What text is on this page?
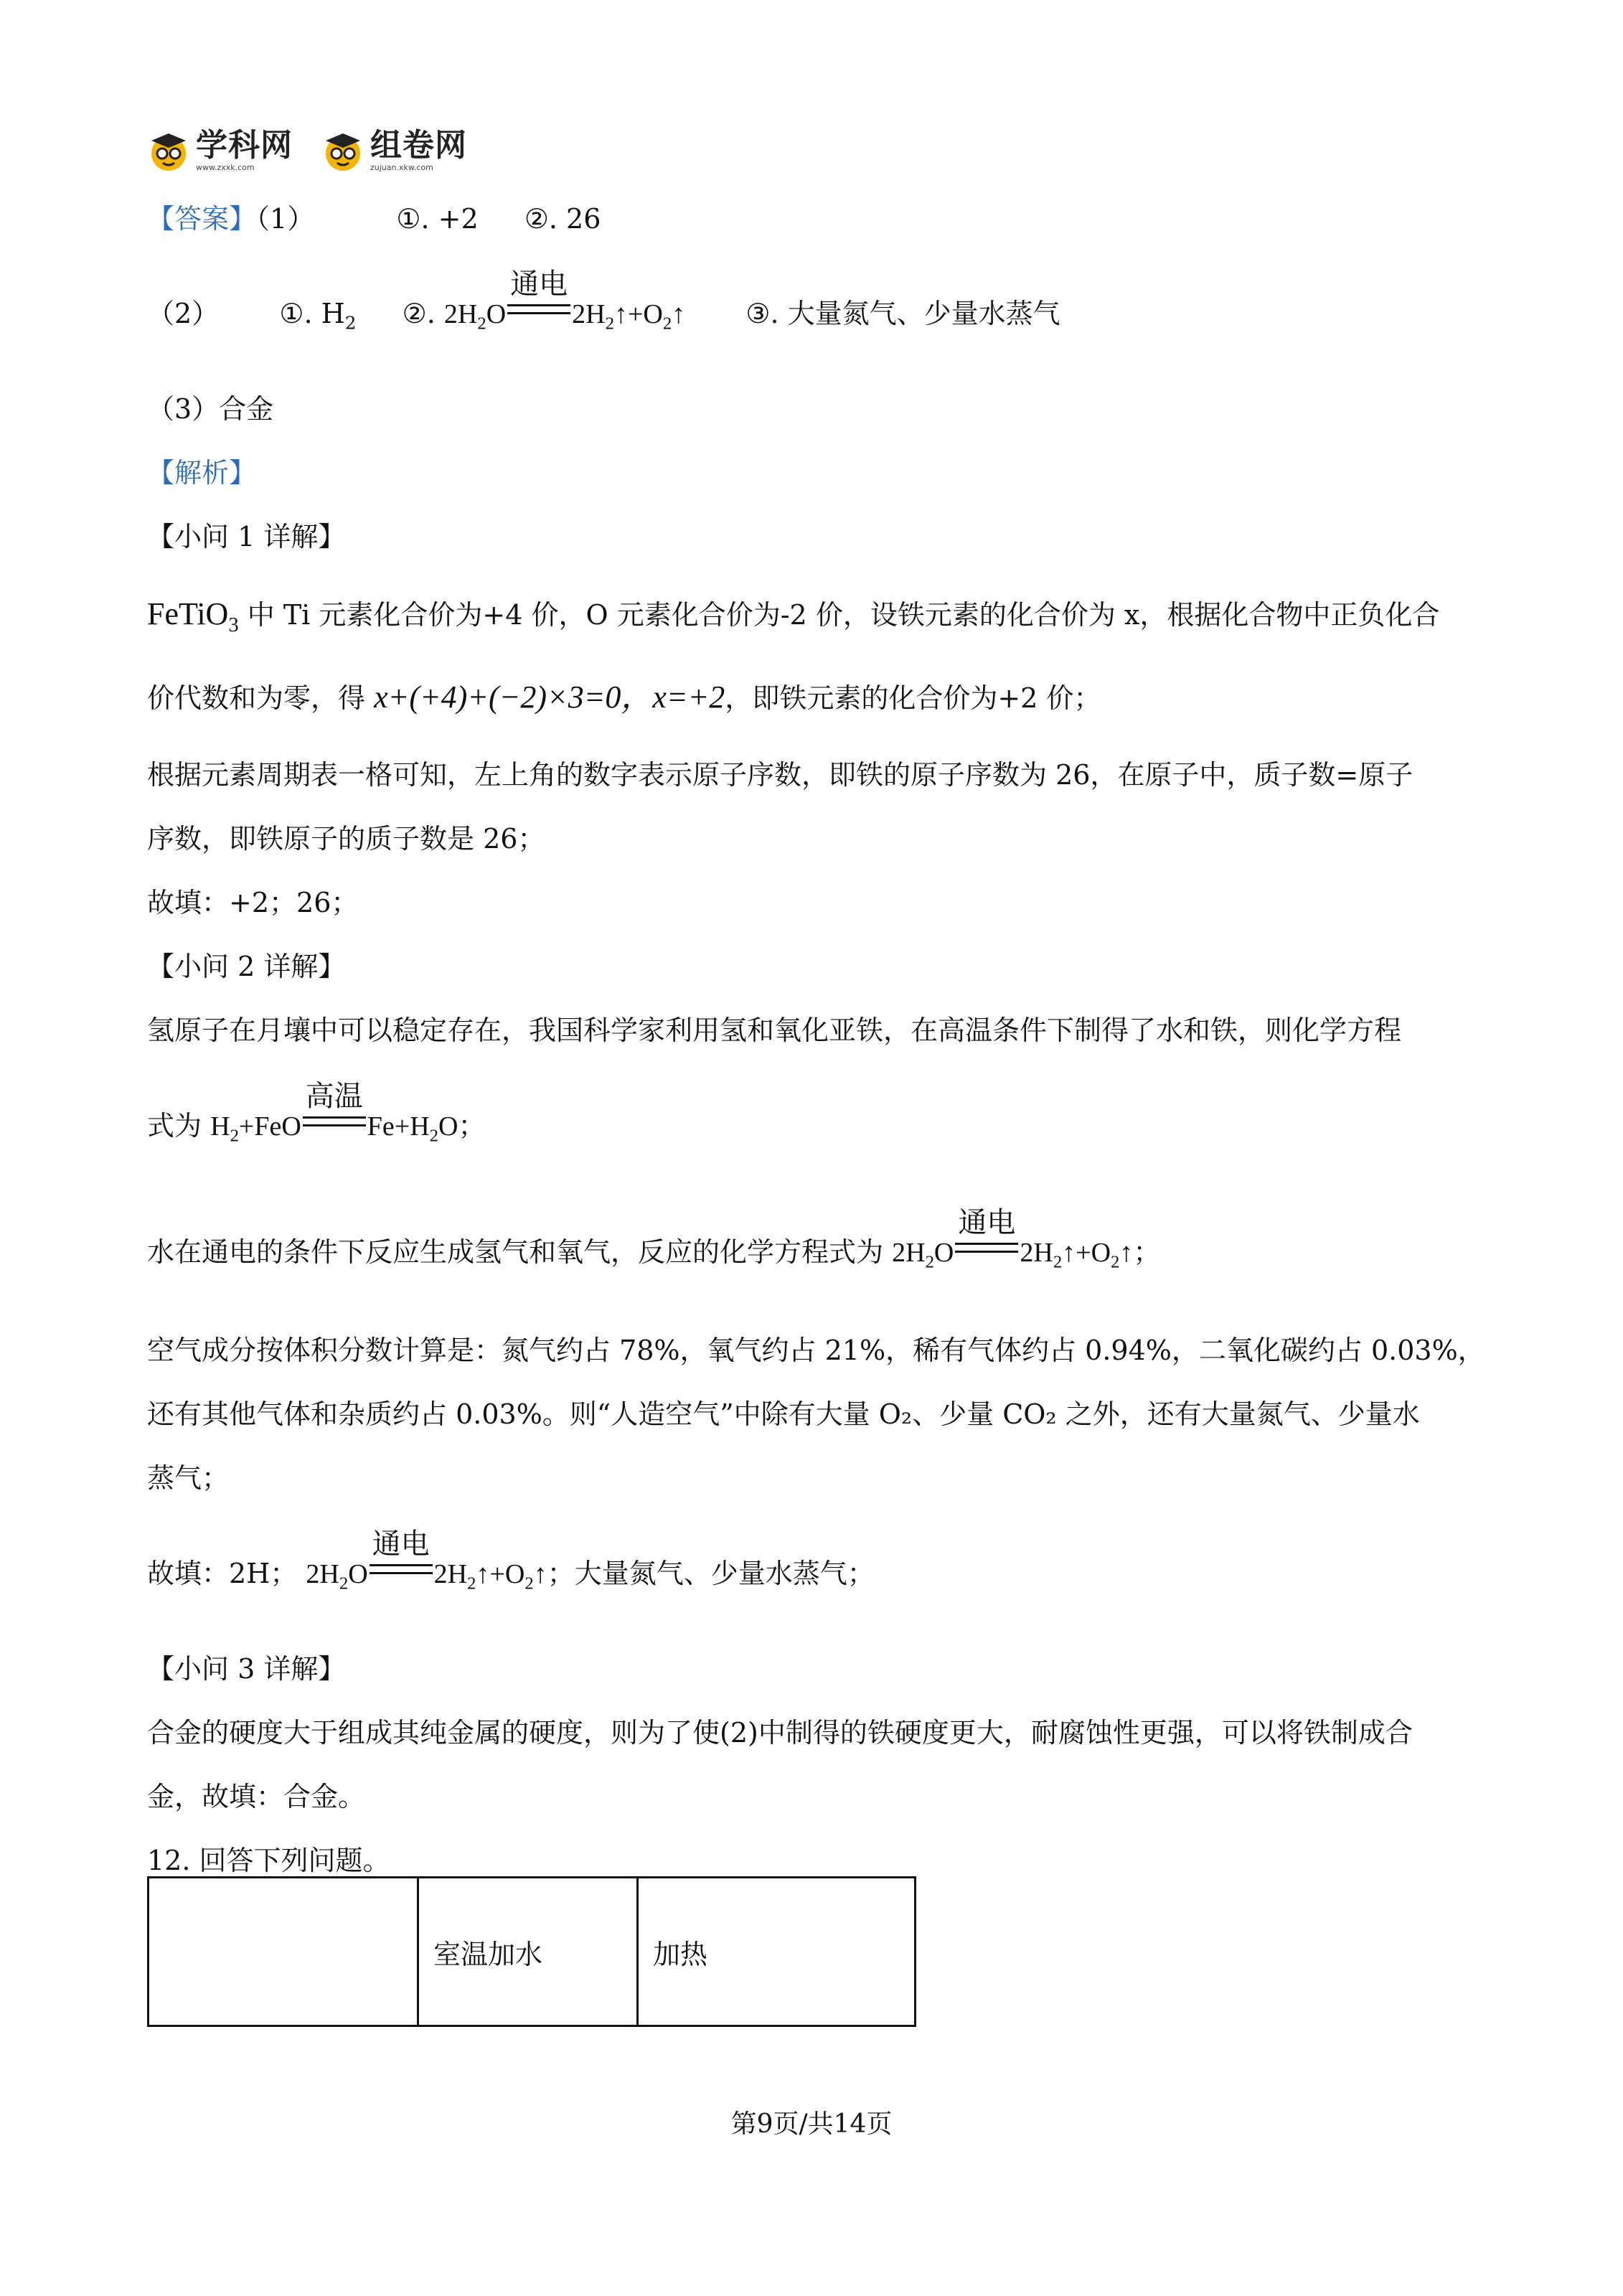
学科网
www.zxxk.com
组卷网
zujuan.xkw.com
【答案】（1）	①. +2 ②. 26
（2） ①. $H_2$ ②. $2H_2O$
通电
$2H_2↑+O_2↑$ ③. 大量氮气、少量水蒸气
（3）合金
【解析】
【小问 1 详解】
FeTiO$_3$ 中 Ti 元素化合价为+4 价，O 元素化合价为-2 价，设铁元素的化合价为 x，根据化合物中正负化合
价代数和为零，得 x+(+4)+(−2)×3=0，x=+2，即铁元素的化合价为+2 价；
根据元素周期表一格可知，左上角的数字表示原子序数，即铁的原子序数为 26，在原子中，质子数=原子
序数，即铁原子的质子数是 26；
故填：+2；26；
【小问 2 详解】
氢原子在月壤中可以稳定存在，我国科学家利用氢和氧化亚铁，在高温条件下制得了水和铁，则化学方程
式为 $H_2+FeO$
高温
$Fe+H_2O$；
水在通电的条件下反应生成氢气和氧气，反应的化学方程式为 $2H_2O$
通电
$2H_2↑+O_2↑$；
空气成分按体积分数计算是：氮气约占 78%，氧气约占 21%，稀有气体约占 0.94%，二氧化碳约占 0.03%，
还有其他气体和杂质约占 0.03%。则“人造空气”中除有大量 O₂、少量 CO₂ 之外，还有大量氮气、少量水
蒸气；
故填：2H； $2H_2O$
通电
$2H_2↑+O_2↑$；大量氮气、少量水蒸气；
【小问 3 详解】
合金的硬度大于组成其纯金属的硬度，则为了使(2)中制得的铁硬度更大，耐腐蚀性更强，可以将铁制成合
金，故填：合金。
12. 回答下列问题。
	室温加水	加热
第9页/共14页
